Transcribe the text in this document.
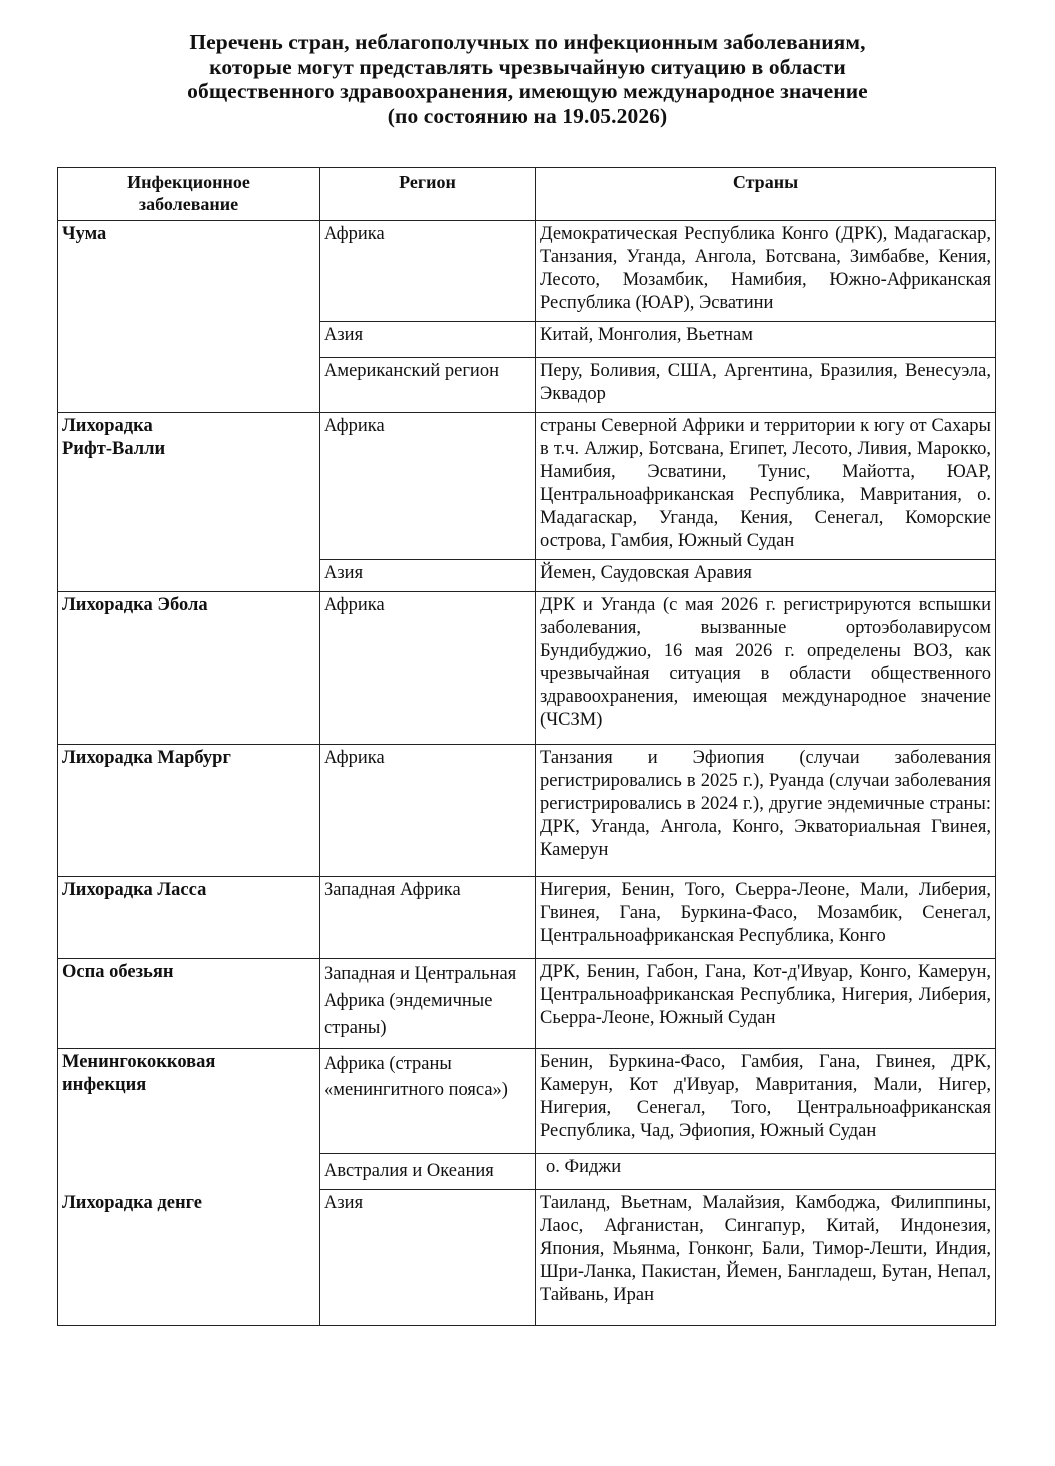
Перечень стран, неблагополучных по инфекционным заболеваниям,

которые могут представлять чрезвычайную ситуацию в области

общественного здравоохранения, имеющую международное значение

(по состоянию на 19.05.2026)

Инфекционное заболевание	Регион	Страны
Чума	Африка	Демократическая Республика Конго (ДРК), Мадагаскар, Танзания, Уганда, Ангола, Ботсвана, Зимбабве, Кения, Лесото, Мозамбик, Намибия, Южно-Африканская Республика (ЮАР), Эсватини
	Азия	Китай, Монголия, Вьетнам
	Американский регион	Перу, Боливия, США, Аргентина, Бразилия, Венесуэла, Эквадор
Лихорадка Рифт-Валли	Африка	страны Северной Африки и территории к югу от Сахары в т.ч. Алжир, Ботсвана, Египет, Лесото, Ливия, Марокко, Намибия, Эсватини, Тунис, Майотта, ЮАР, Центральноафриканская Республика, Мавритания, о. Мадагаскар, Уганда, Кения, Сенегал, Коморские острова, Гамбия, Южный Судан
	Азия	Йемен, Саудовская Аравия
Лихорадка Эбола	Африка	ДРК и Уганда (с мая 2026 г. регистрируются вспышки заболевания, вызванные ортоэболавирусом Бундибуджио, 16 мая 2026 г. определены ВОЗ, как чрезвычайная ситуация в области общественного здравоохранения, имеющая международное значение (ЧСЗМ)
Лихорадка Марбург	Африка	Танзания и Эфиопия (случаи заболевания регистрировались в 2025 г.), Руанда (случаи заболевания регистрировались в 2024 г.), другие эндемичные страны: ДРК, Уганда, Ангола, Конго, Экваториальная Гвинея, Камерун
Лихорадка Ласса	Западная Африка	Нигерия, Бенин, Того, Сьерра-Леоне, Мали, Либерия, Гвинея, Гана, Буркина-Фасо, Мозамбик, Сенегал, Центральноафриканская Республика, Конго
Оспа обезьян	Западная и Центральная Африка (эндемичные страны)	ДРК, Бенин, Габон, Гана, Кот-д'Ивуар, Конго, Камерун, Центральноафриканская Республика, Нигерия, Либерия, Сьерра-Леоне, Южный Судан
Менингококковая инфекция	Африка (страны «менингитного пояса»)	Бенин, Буркина-Фасо, Гамбия, Гана, Гвинея, ДРК, Камерун, Кот д'Ивуар, Мавритания, Мали, Нигер, Нигерия, Сенегал, Того, Центральноафриканская Республика, Чад, Эфиопия, Южный Судан
	Австралия и Океания	о. Фиджи
Лихорадка денге	Азия	Таиланд, Вьетнам, Малайзия, Камбоджа, Филиппины, Лаос, Афганистан, Сингапур, Китай, Индонезия, Япония, Мьянма, Гонконг, Бали, Тимор-Лешти, Индия, Шри-Ланка, Пакистан, Йемен, Бангладеш, Бутан, Непал, Тайвань, Иран
